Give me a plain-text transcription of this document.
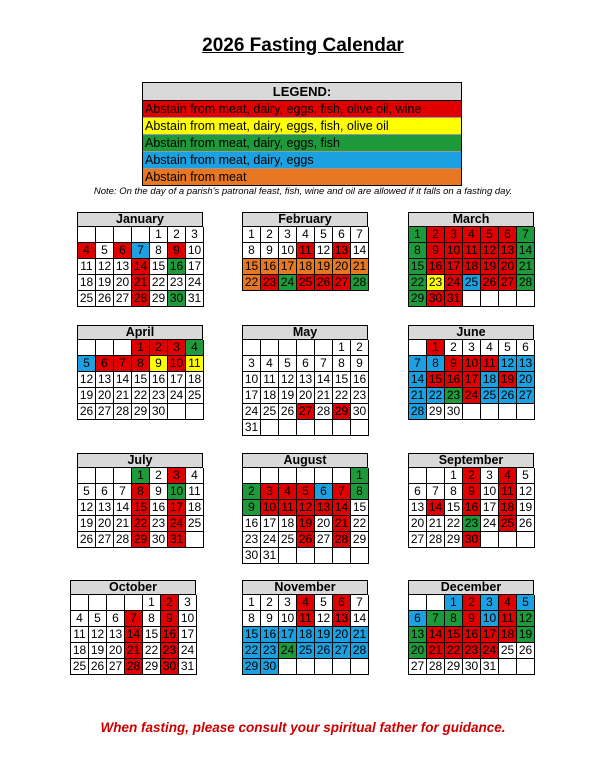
2026 Fasting Calendar
LEGEND:
Abstain from meat, dairy, eggs, fish, olive oil, wine
Abstain from meat, dairy, eggs, fish, olive oil
Abstain from meat, dairy, eggs, fish
Abstain from meat, dairy, eggs
Abstain from meat
Note: On the day of a parish's patronal feast, fish, wine and oil are allowed if it falls on a fasting day.
January
1 2 3
4 5 6 7 8 9 10
11 12 13 14 15 16 17
18 19 20 21 22 23 24
25 26 27 28 29 30 31
February
1 2 3 4 5 6 7
8 9 10 11 12 13 14
15 16 17 18 19 20 21
22 23 24 25 26 27 28
March
1 2 3 4 5 6 7
8 9 10 11 12 13 14
15 16 17 18 19 20 21
22 23 24 25 26 27 28
29 30 31
April
1 2 3 4
5 6 7 8 9 10 11
12 13 14 15 16 17 18
19 20 21 22 23 24 25
26 27 28 29 30
May
1 2
3 4 5 6 7 8 9
10 11 12 13 14 15 16
17 18 19 20 21 22 23
24 25 26 27 28 29 30
31
June
1 2 3 4 5 6
7 8 9 10 11 12 13
14 15 16 17 18 19 20
21 22 23 24 25 26 27
28 29 30
July
1 2 3 4
5 6 7 8 9 10 11
12 13 14 15 16 17 18
19 20 21 22 23 24 25
26 27 28 29 30 31
August
1
2 3 4 5 6 7 8
9 10 11 12 13 14 15
16 17 18 19 20 21 22
23 24 25 26 27 28 29
30 31
September
1 2 3 4 5
6 7 8 9 10 11 12
13 14 15 16 17 18 19
20 21 22 23 24 25 26
27 28 29 30
October
1 2 3
4 5 6 7 8 9 10
11 12 13 14 15 16 17
18 19 20 21 22 23 24
25 26 27 28 29 30 31
November
1 2 3 4 5 6 7
8 9 10 11 12 13 14
15 16 17 18 19 20 21
22 23 24 25 26 27 28
29 30
December
1 2 3 4 5
6 7 8 9 10 11 12
13 14 15 16 17 18 19
20 21 22 23 24 25 26
27 28 29 30 31
When fasting, please consult your spiritual father for guidance.
